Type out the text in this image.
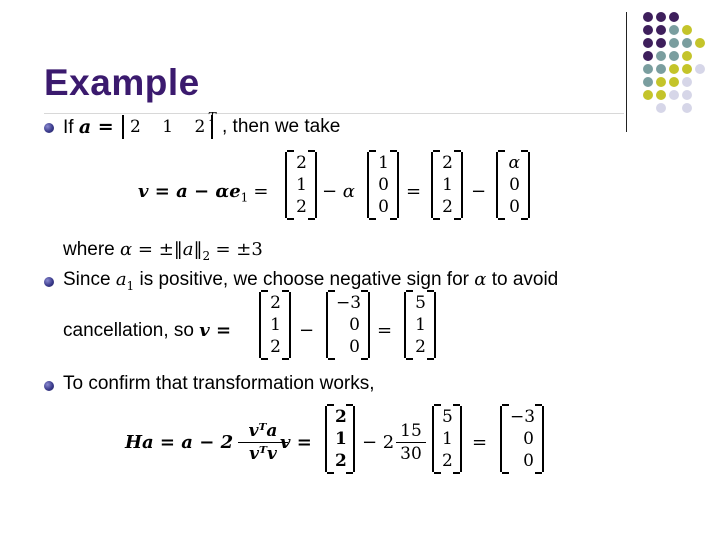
Example
If a = 2 1 2 T , then we take
$v = a - \alpha e_1$ =
2
1
2
− α
1
0
0
=
2
1
2
−
α
0
0
where $\alpha = \pm‖a‖_2 = \pm 3$
Since $a_1$ is positive, we choose negative sign for α to avoid
cancellation, so v =
2
1
2
−
−3
0
0
=
5
1
2
To confirm that transformation works,
Ha = a − 2
vᵀa
vᵀv
v =
2
1
2
− $2 \frac{15}{30}$
5
1
2
=
−3
0
0
